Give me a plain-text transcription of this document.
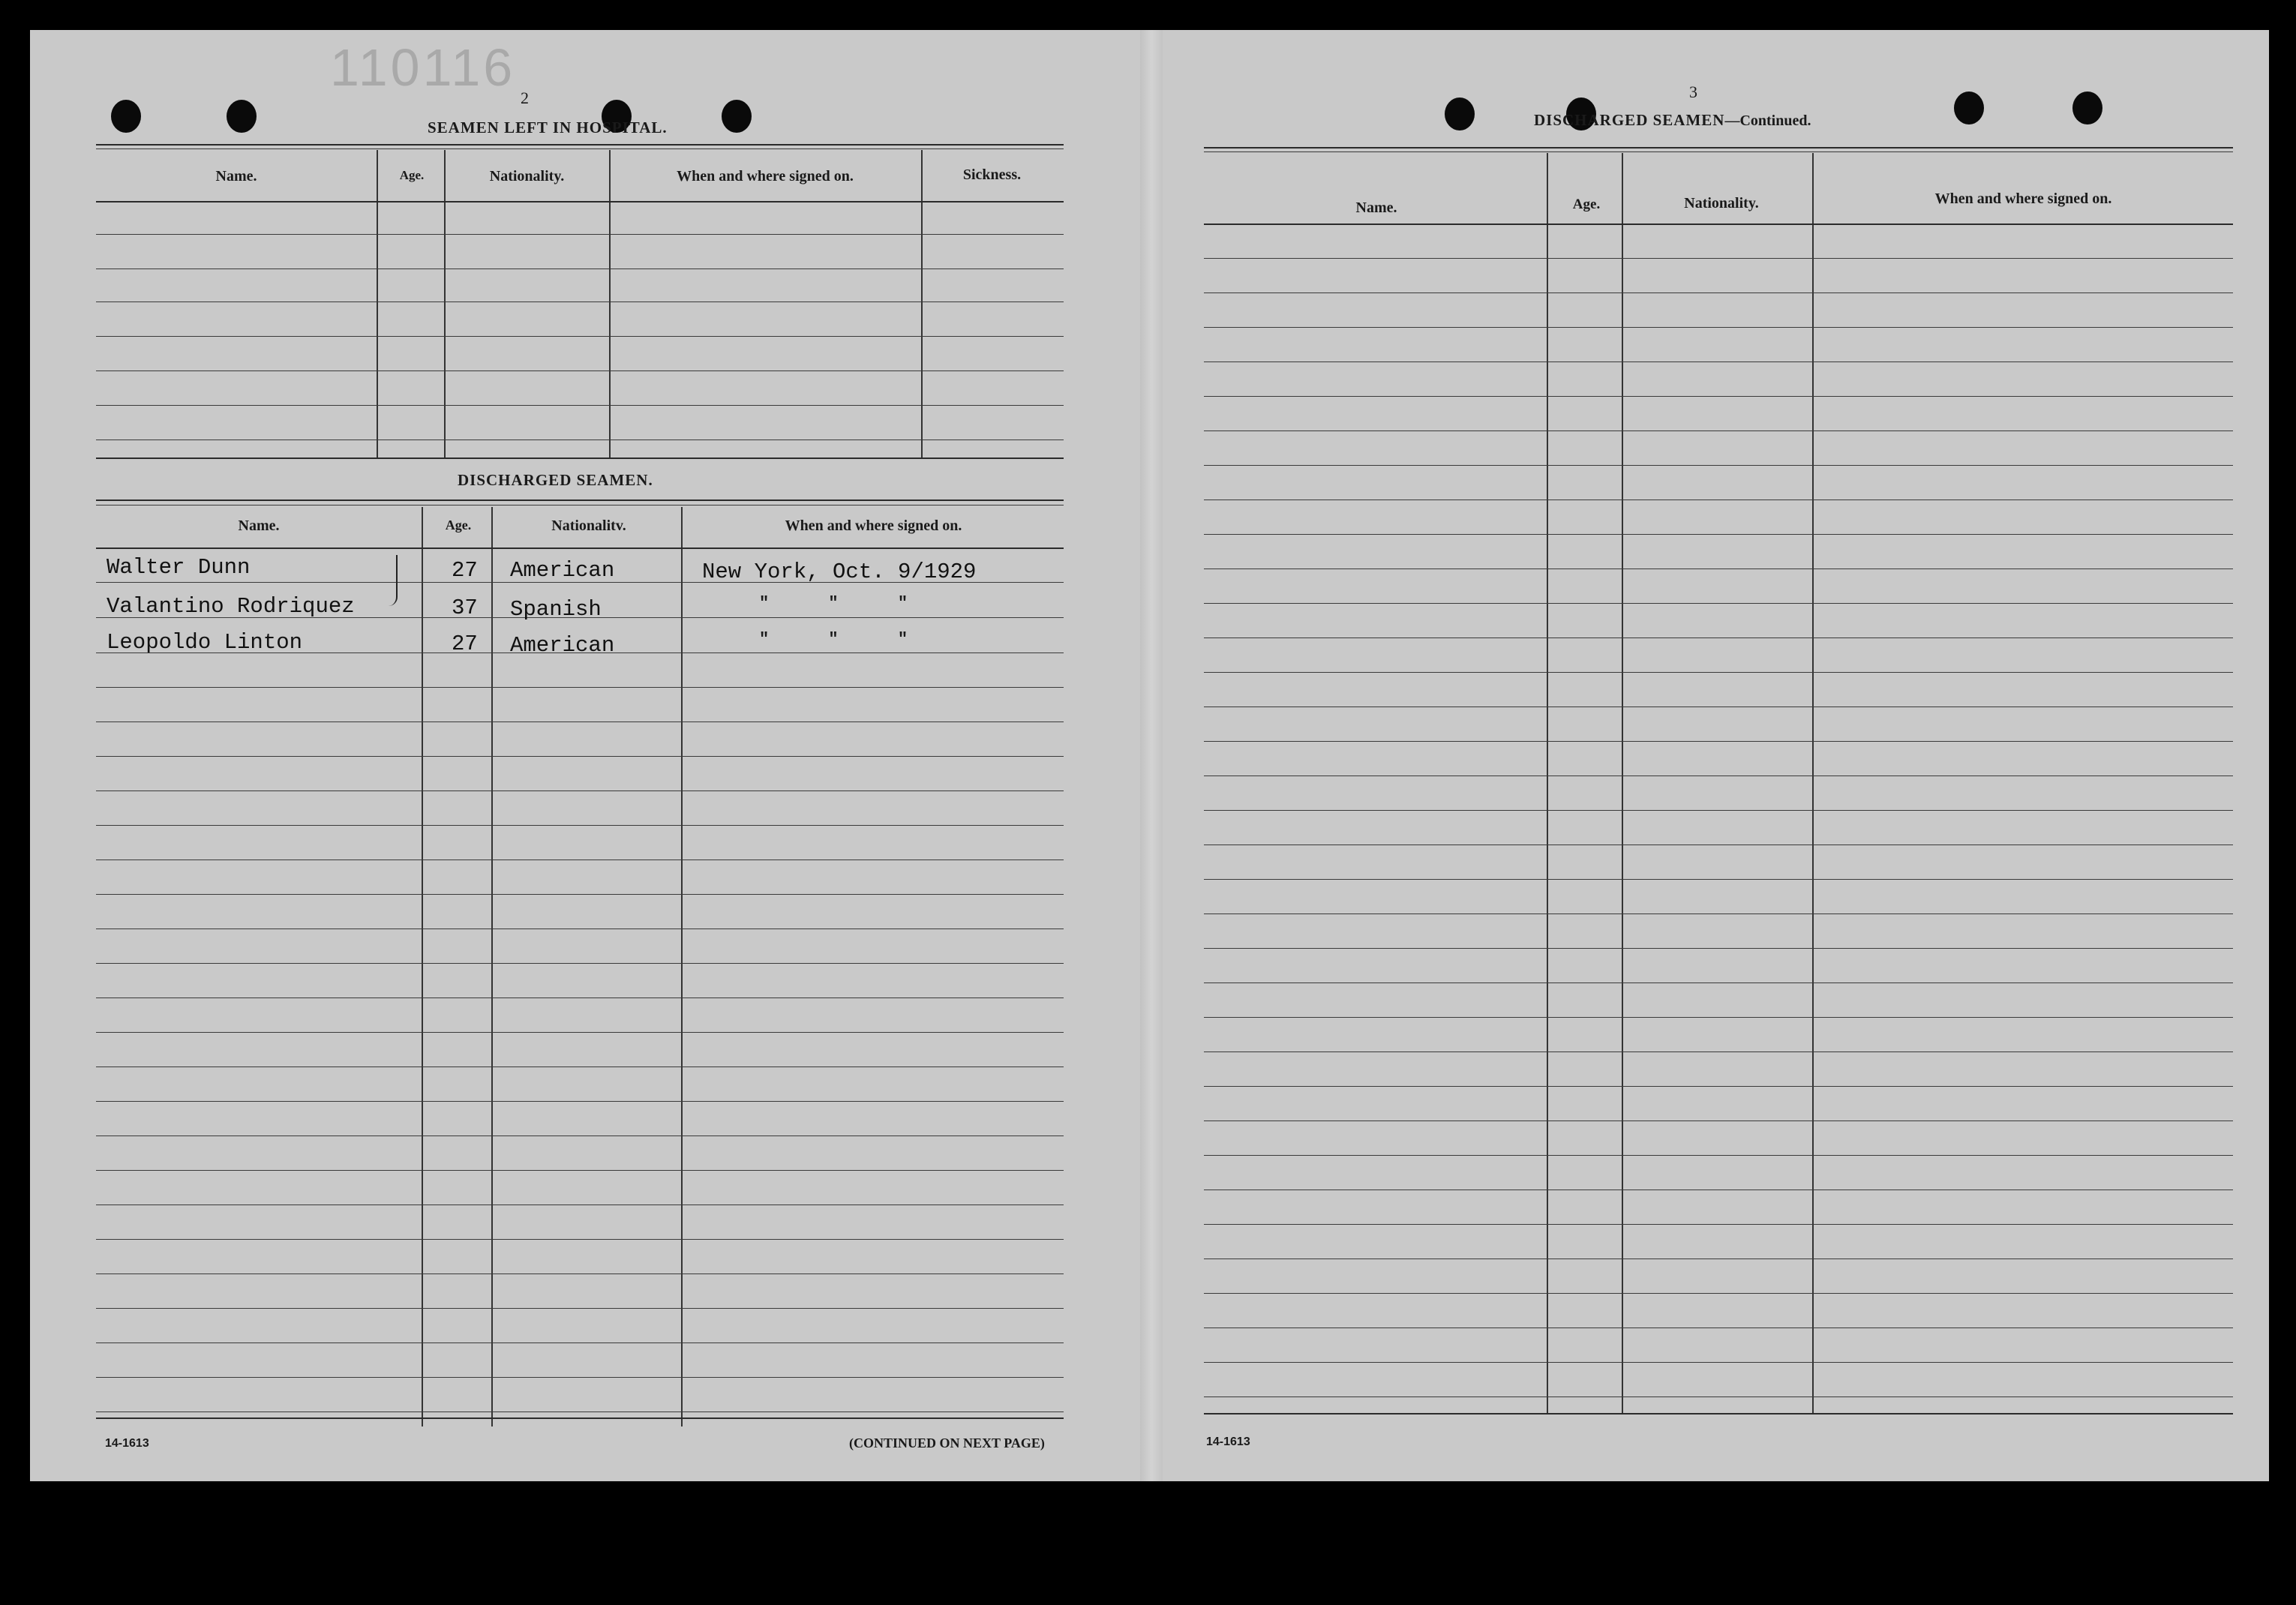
110116
2
SEAMEN LEFT IN HOSPITAL.
Name.	Age.	Nationality.	When and where signed on.	Sickness.
DISCHARGED SEAMEN.
Name.	Age.	Nationalitv.	When and where signed on.
Walter Dunn	27 American	New York, Oct. 9/1929
Valantino Rodriquez	37 Spanish	"      "      "
Leopoldo Linton	27 American	"      "      "
14-1613	(CONTINUED ON NEXT PAGE)
3
DISCHARGED SEAMEN—Continued.
Name.	Age.	Nationality.	When and where signed on.
14-1613
